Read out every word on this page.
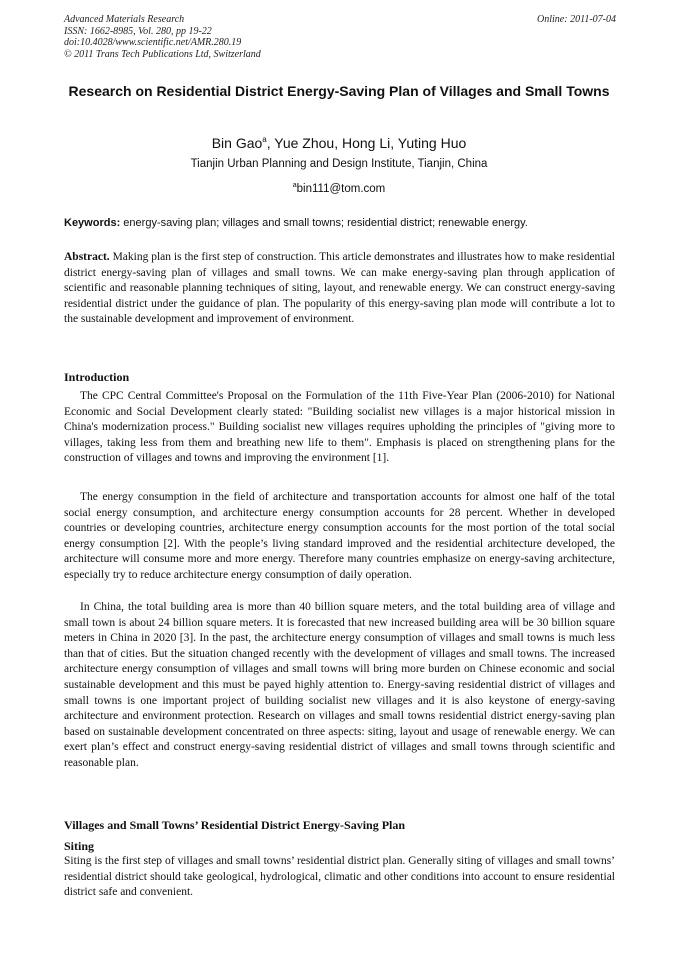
Advanced Materials Research
ISSN: 1662-8985, Vol. 280, pp 19-22
doi:10.4028/www.scientific.net/AMR.280.19
© 2011 Trans Tech Publications Ltd, Switzerland
Online: 2011-07-04
Research on Residential District Energy-Saving Plan of Villages and Small Towns
Bin Gao$^a$, Yue Zhou, Hong Li, Yuting Huo
Tianjin Urban Planning and Design Institute, Tianjin, China
$^a$bin111@tom.com
Keywords: energy-saving plan; villages and small towns; residential district; renewable energy.

Abstract. Making plan is the first step of construction. This article demonstrates and illustrates how to make residential district energy-saving plan of villages and small towns. We can make energy-saving plan through application of scientific and reasonable planning techniques of siting, layout, and renewable energy. We can construct energy-saving residential district under the guidance of plan. The popularity of this energy-saving plan mode will contribute a lot to the sustainable development and improvement of environment.

Introduction

The CPC Central Committee's Proposal on the Formulation of the 11th Five-Year Plan (2006-2010) for National Economic and Social Development clearly stated: "Building socialist new villages is a major historical mission in China's modernization process." Building socialist new villages requires upholding the principles of "giving more to villages, taking less from them and breathing new life to them". Emphasis is placed on strengthening plans for the construction of villages and towns and improving the environment [1].

The energy consumption in the field of architecture and transportation accounts for almost one half of the total social energy consumption, and architecture energy consumption accounts for 28 percent. Whether in developed countries or developing countries, architecture energy consumption accounts for the most portion of the total social energy consumption [2]. With the people’s living standard improved and the residential architecture developed, the architecture will consume more and more energy. Therefore many countries emphasize on energy-saving architecture, especially try to reduce architecture energy consumption of daily operation.

In China, the total building area is more than 40 billion square meters, and the total building area of village and small town is about 24 billion square meters. It is forecasted that new increased building area will be 30 billion square meters in China in 2020 [3]. In the past, the architecture energy consumption of villages and small towns is much less than that of cities. But the situation changed recently with the development of villages and small towns. The increased architecture energy consumption of villages and small towns will bring more burden on Chinese economic and social sustainable development and this must be payed highly attention to. Energy-saving residential district of villages and small towns is one important project of building socialist new villages and it is also keystone of energy-saving architecture and environment protection. Research on villages and small towns residential district energy-saving plan based on sustainable development concentrated on three aspects: siting, layout and usage of renewable energy. We can exert plan’s effect and construct energy-saving residential district of villages and small towns through scientific and reasonable plan.

Villages and Small Towns’ Residential District Energy-Saving Plan
Siting

Siting is the first step of villages and small towns’ residential district plan. Generally siting of villages and small towns’ residential district should take geological, hydrological, climatic and other conditions into account to ensure residential district safe and convenient.
